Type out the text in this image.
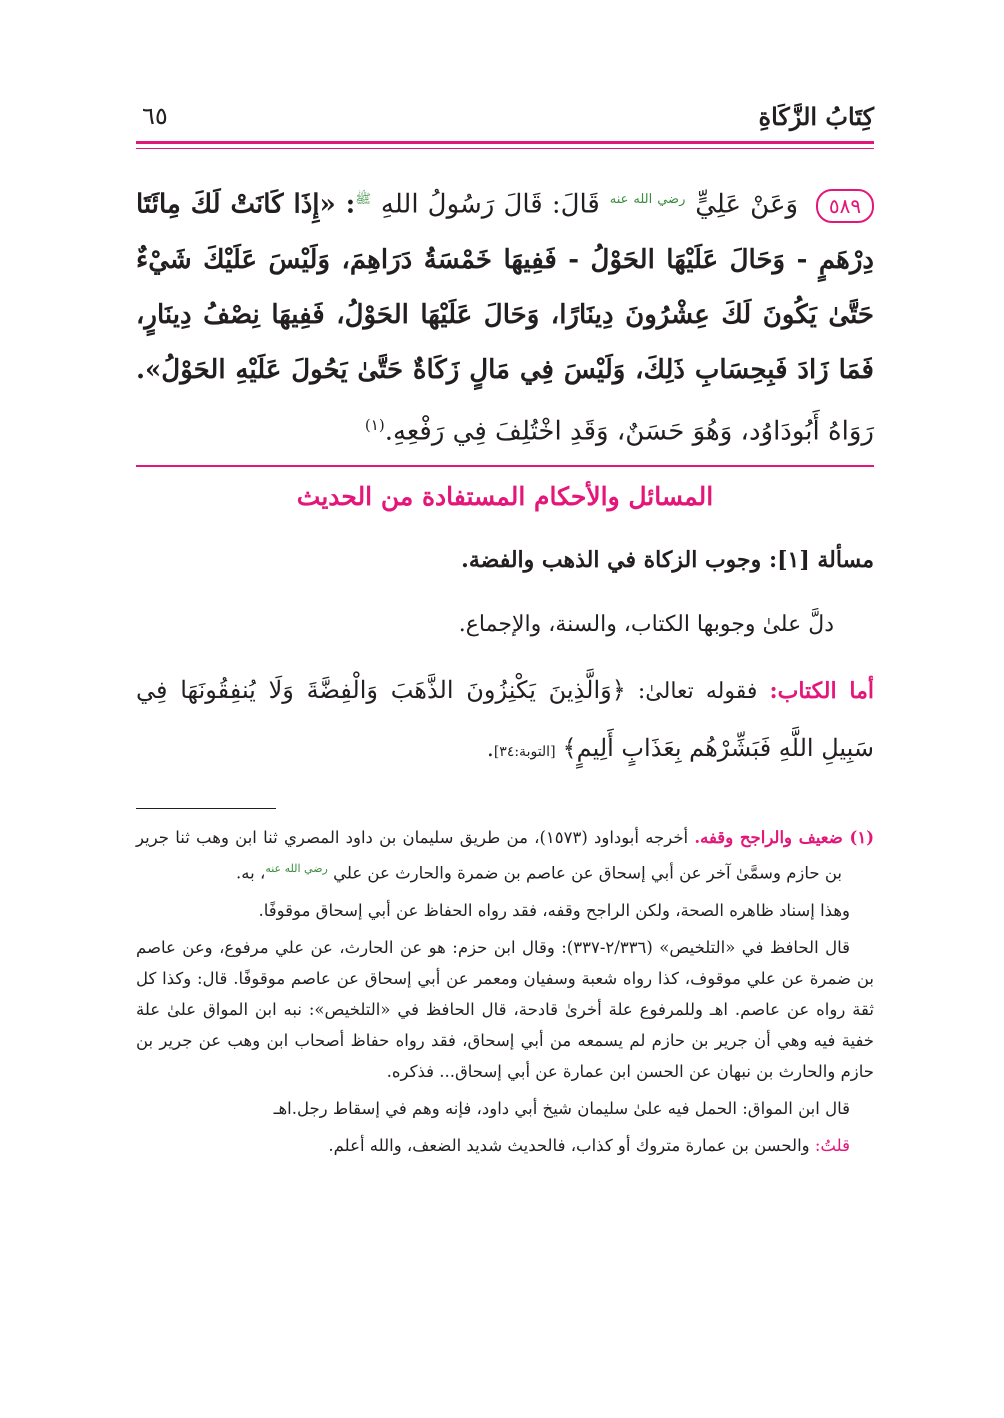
كِتَابُ الزَّكَاةِ
٦٥

٥٨٩ وَعَنْ عَلِيٍّ $^{رضي الله عنه}$ قَالَ: قَالَ رَسُولُ اللهِ $^ﷺ$: «إِذَا كَانَتْ لَكَ مِائَتَا دِرْهَمٍ - وَحَالَ عَلَيْهَا الحَوْلُ - فَفِيهَا خَمْسَةُ دَرَاهِمَ، وَلَيْسَ عَلَيْكَ شَيْءٌ حَتَّىٰ يَكُونَ لَكَ عِشْرُونَ دِينَارًا، وَحَالَ عَلَيْهَا الحَوْلُ، فَفِيهَا نِصْفُ دِينَارٍ، فَمَا زَادَ فَبِحِسَابِ ذَلِكَ، وَلَيْسَ فِي مَالٍ زَكَاةٌ حَتَّىٰ يَحُولَ عَلَيْهِ الحَوْلُ». رَوَاهُ أَبُودَاوُد، وَهُوَ حَسَنٌ، وَقَدِ اخْتُلِفَ فِي رَفْعِهِ.$^{(١)}$

المسائل والأحكام المستفادة من الحديث
مسألة [١]: وجوب الزكاة في الذهب والفضة.
دلَّ علىٰ وجوبها الكتاب، والسنة، والإجماع.

أما الكتاب: فقوله تعالىٰ: ﴿وَالَّذِينَ يَكْنِزُونَ الذَّهَبَ وَالْفِضَّةَ وَلَا يُنفِقُونَهَا فِي سَبِيلِ اللَّهِ فَبَشِّرْهُم بِعَذَابٍ أَلِيمٍ﴾ [التوبة:٣٤].

(١) ضعيف والراجح وقفه. أخرجه أبوداود (١٥٧٣)، من طريق سليمان بن داود المصري ثنا ابن وهب ثنا جرير بن حازم وسمَّىٰ آخر عن أبي إسحاق عن عاصم بن ضمرة والحارث عن علي $^{رضي الله عنه}$، به.

وهذا إسناد ظاهره الصحة، ولكن الراجح وقفه، فقد رواه الحفاظ عن أبي إسحاق موقوفًا.

قال الحافظ في «التلخيص» (٢/٣٣٦-٣٣٧): وقال ابن حزم: هو عن الحارث، عن علي مرفوع، وعن عاصم بن ضمرة عن علي موقوف، كذا رواه شعبة وسفيان ومعمر عن أبي إسحاق عن عاصم موقوفًا. قال: وكذا كل ثقة رواه عن عاصم. اهـ وللمرفوع علة أخرىٰ قادحة، قال الحافظ في «التلخيص»: نبه ابن المواق علىٰ علة خفية فيه وهي أن جرير بن حازم لم يسمعه من أبي إسحاق، فقد رواه حفاظ أصحاب ابن وهب عن جرير بن حازم والحارث بن نبهان عن الحسن ابن عمارة عن أبي إسحاق... فذكره.

قال ابن المواق: الحمل فيه علىٰ سليمان شيخ أبي داود، فإنه وهم في إسقاط رجل.اهـ

قلتُ: والحسن بن عمارة متروك أو كذاب، فالحديث شديد الضعف، والله أعلم.
